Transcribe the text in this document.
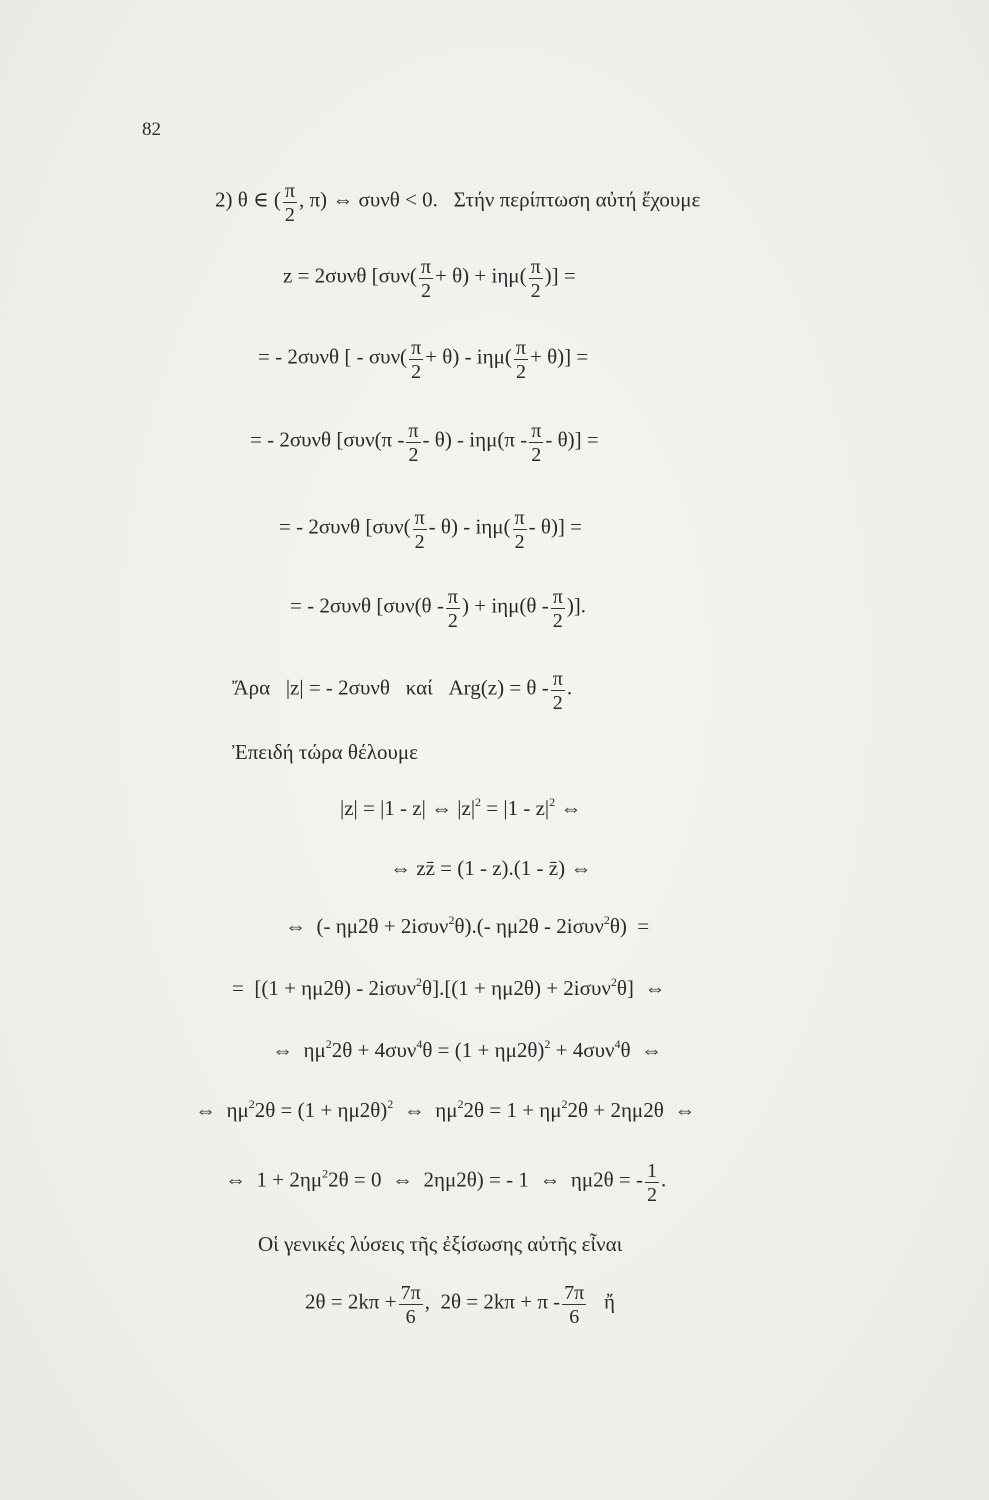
82
2) θ ∈ ( $\frac{\pi}{2}$ , π) ⇔ συνθ < 0. Στήν περίπτωση αὐτή ἔχουμε
z = 2συνθ [$\sigma\upsilon\nu( \frac{\pi}{2} + \theta) + i\eta\mu( \frac{\pi}{2}$ )] =
= - 2συνθ [ - $\sigma\upsilon\nu( \frac{\pi}{2} + \theta) - i\eta\mu( \frac{\pi}{2} + \theta)$] =
= - 2συνθ $[\sigma\upsilon\nu(\pi - \frac{\pi}{2} - \theta) - i\eta\mu(\pi - \frac{\pi}{2} - \theta)]$ =
= - 2συνθ $[\sigma\upsilon\nu( \frac{\pi}{2} - \theta) - i\eta\mu( \frac{\pi}{2} - \theta)]$ =
= - 2συνθ [$\sigma\upsilon\nu(\theta - \frac{\pi}{2}$ ) + $i\eta\mu(\theta - \frac{\pi}{2}$ )].
Ἄρα |z| = - 2συνθ καί $Arg(z) = \theta - \frac{\pi}{2}$ .
Ἐπειδή τώρα θέλουμε
|z| = |1 - z| ⇔ $|z|^2 = |1 - z|^2$ ⇔
⇔ zz̄ = (1 - z).(1 - z̄) ⇔
⇔  (- ημ2θ + 2iσυν$^2$θ).(- ημ2θ - 2iσυν$^2$θ)  =
=  [(1 + ημ2θ) - 2iσυν$^2$θ].[(1 + ημ2θ) + 2iσυν$^2$θ]  ⇔
⇔  $\eta\mu^22\theta + 4\sigma\upsilon\nu^4\theta = (1 + \eta\mu 2\theta)^2 + 4\sigma\upsilon\nu^4\theta$  ⇔
⇔  $\eta\mu^22\theta = (1 + \eta\mu 2\theta)^2$  ⇔  $\eta\mu^22\theta = 1 + \eta\mu^22\theta + 2\eta\mu 2\theta$  ⇔
⇔  $1 + 2\eta\mu^22\theta = 0$  ⇔  2ημ2θ) = - 1  ⇔  ημ2θ = - $\frac{1}{2}$ .
Οἱ γενικές λύσεις τῆς ἐξίσωσης αὐτῆς εἶναι
$2\theta = 2k\pi + \frac{7\pi}{6}$ ,  $2\theta = 2k\pi + \pi - \frac{7\pi}{6}$ ἤ
